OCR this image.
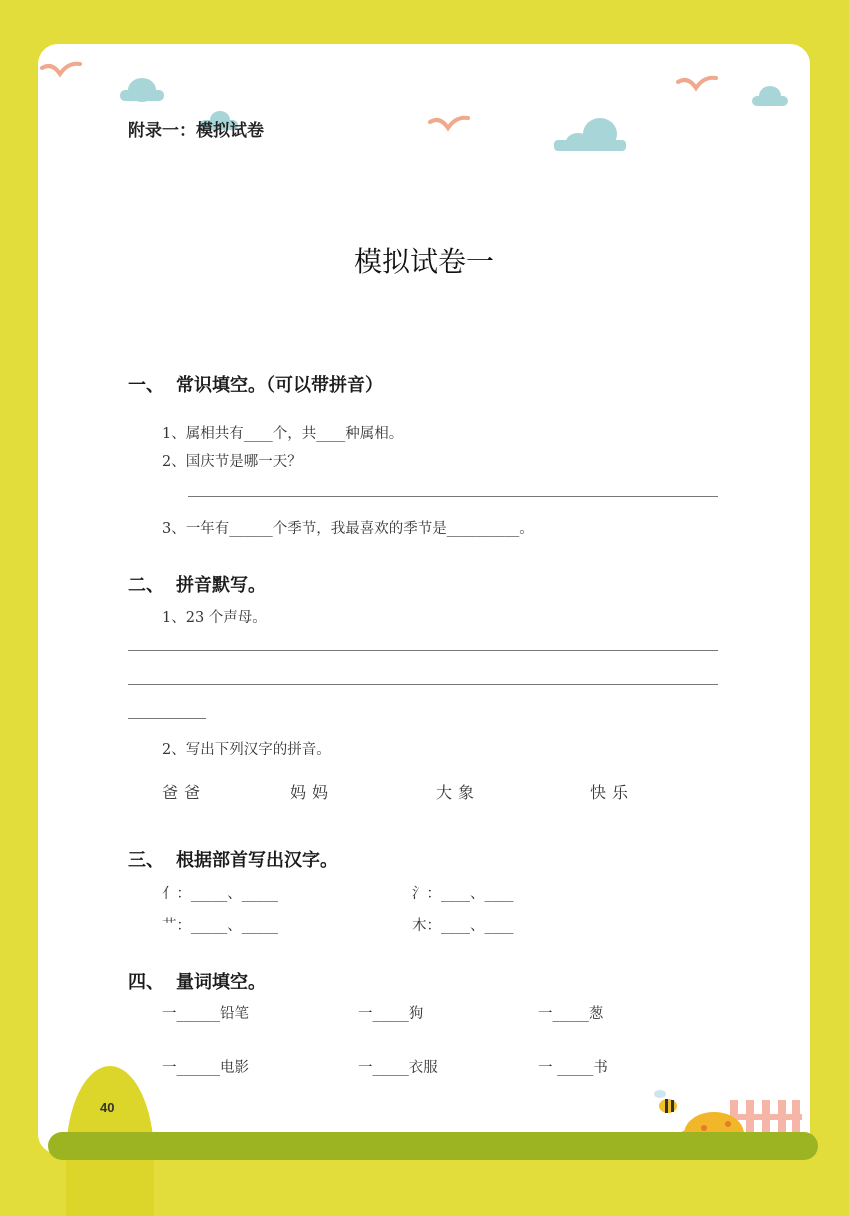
附录一：模拟试卷
模拟试卷一
一、 常识填空。（可以带拼音）
1、属相共有____个，共____种属相。
2、国庆节是哪一天？
3、一年有______个季节，我最喜欢的季节是__________。
二、 拼音默写。
1、23 个声母。
2、写出下列汉字的拼音。
爸爸	妈妈	大象	快乐
三、 根据部首写出汉字。
亻：_____、_____	氵：____、____
艹：_____、_____	木：____、____
四、 量词填空。
一______铅笔	一_____狗	一_____葱
一______电影	一_____衣服	一 _____书
40
